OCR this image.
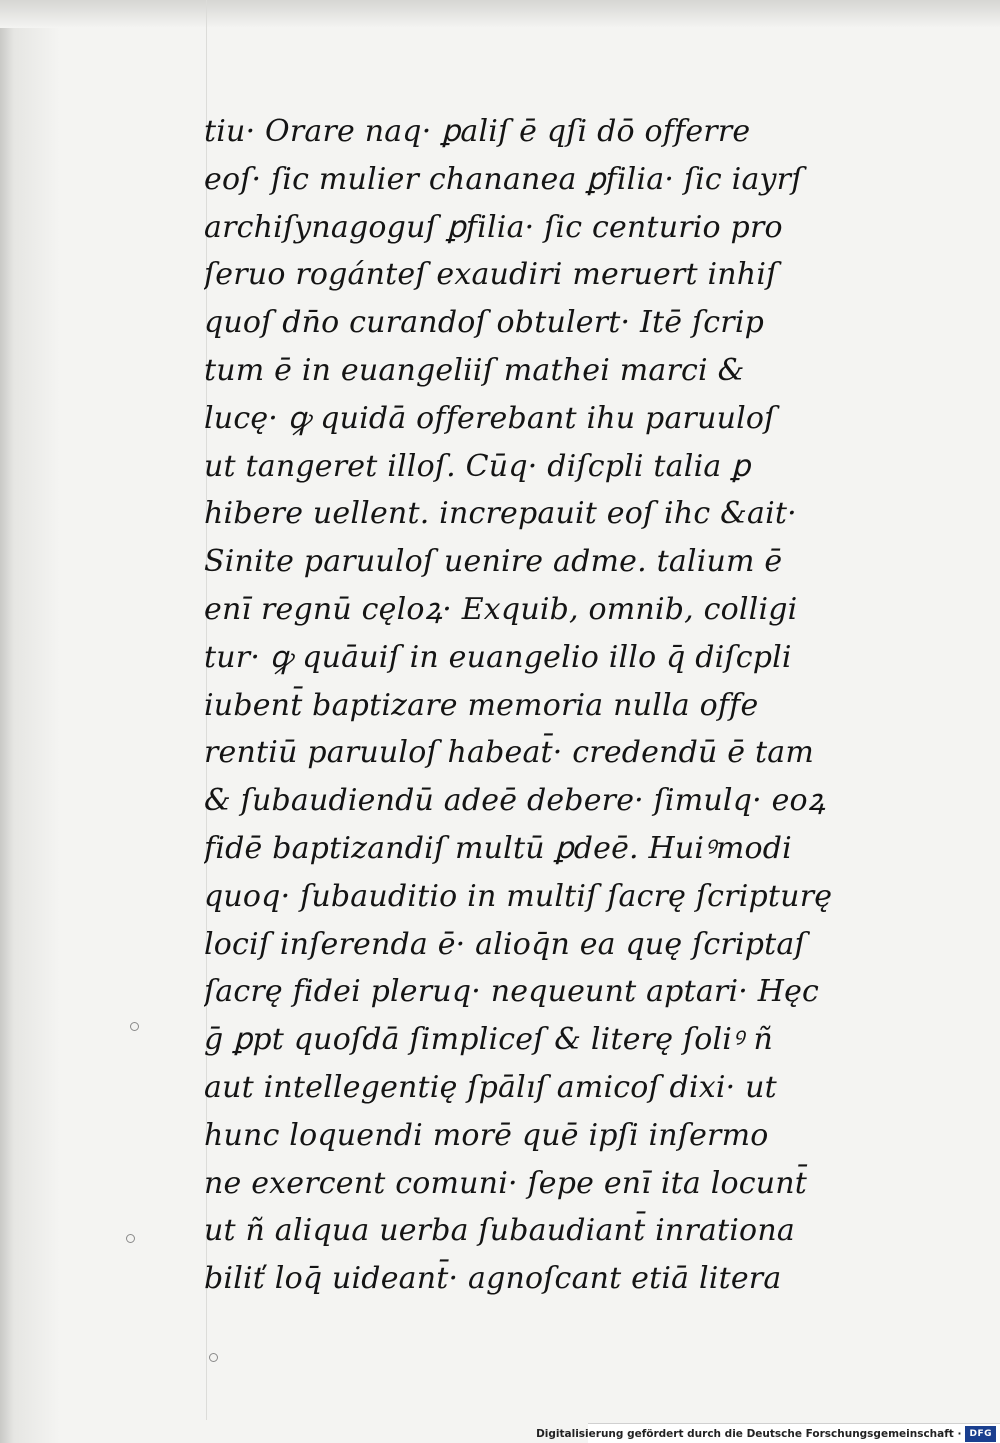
tiu· Orare naq· ꝑaliſ ē qſi dō offerre
eoſ· ſic mulier chananea ꝑfilia· ſic iayrſ
archiſynagoguſ ꝑfilia· ſic centurio pro
ſeruo rogánteſ exaudiri meruert inhiſ
quoſ dn̄o curandoſ obtulert· Itē ſcrip
tum ē in euangeliiſ mathei marci &
lucę· ꝙ quidā offerebant ihu paruuloſ
ut tangeret illoſ. Cūq· diſcpli talia ꝑ
hibere uellent. increpauit eoſ ihc &ait·
Sinite paruuloſ uenire adme. talium ē
enī regnū cęloꝝ· Exquib, omnib, colligi
tur· ꝙ quāuiſ in euangelio illo q̄ diſcpli
iubent̄ baptizare memoria nulla offe
rentiū paruuloſ habeat̄· credendū ē tam
& ſubaudiendū adeē debere· ſimulq· eoꝝ
fidē baptizandiſ multū ꝑdeē. Huiꝰmodi
quoq· ſubauditio in multiſ ſacrę ſcripturę
lociſ inſerenda ē· alioq̄n ea quę ſcriptaſ
ſacrę fidei pleruq· nequeunt aptari· Hęc
ḡ ꝑpt quoſdā ſimpliceſ & literę ſoliꝰ ñ
aut intellegentię ſpālıſ amicoſ dixi· ut
hunc loquendi morē quē ipſi inſermo
ne exercent comuni· ſepe enī ita locunt̄
ut ñ aliqua uerba ſubaudiant̄ inrationa
biliť loq̄ uideant̄· agnoſcant etiā litera
Digitalisierung gefördert durch die Deutsche Forschungsgemeinschaft · DFG
